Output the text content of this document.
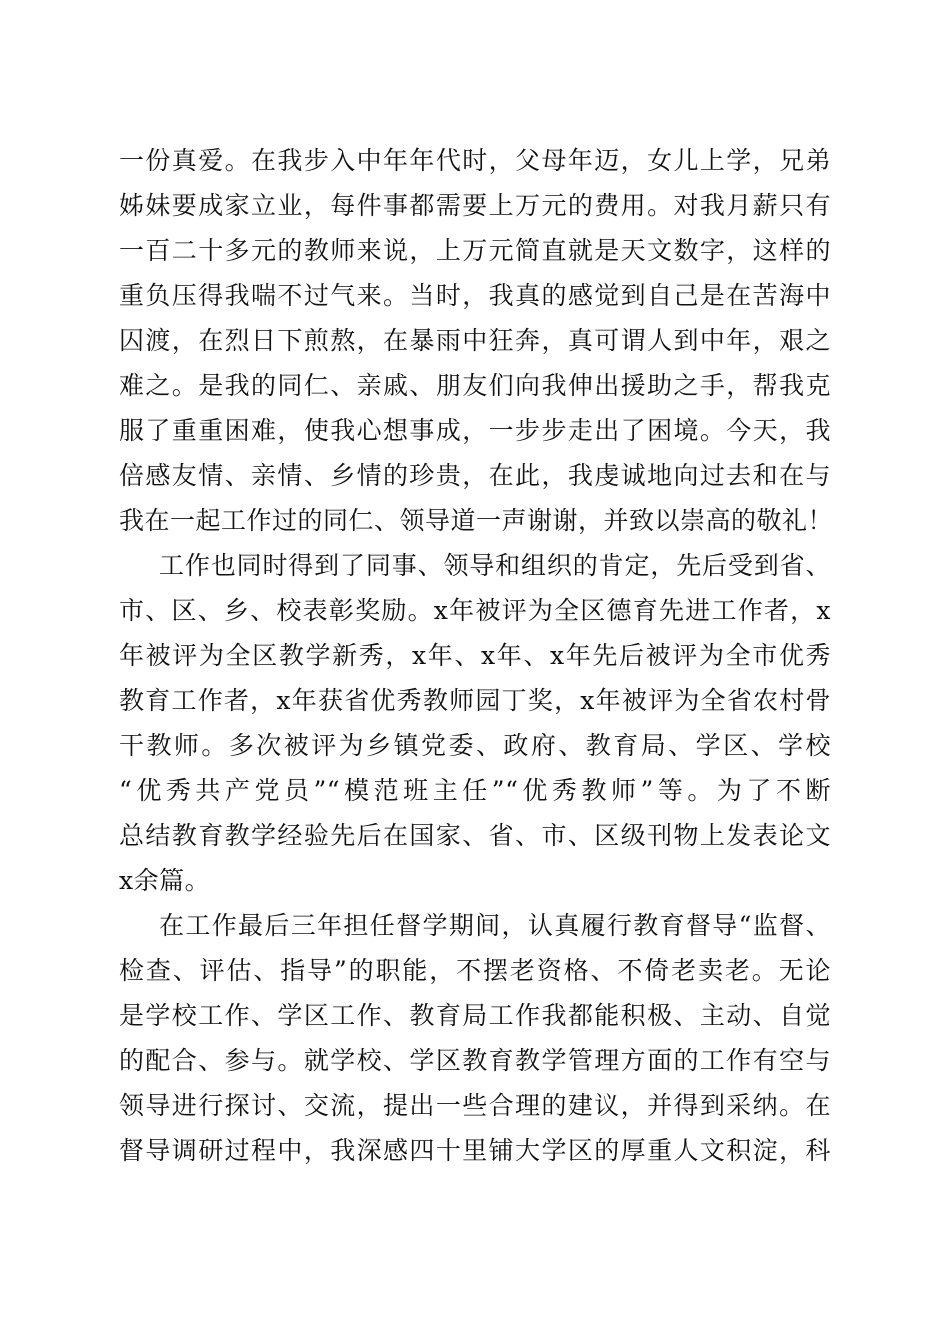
一份真爱。在我步入中年年代时，父母年迈，女儿上学，兄弟
姊妹要成家立业，每件事都需要上万元的费用。对我月薪只有
一百二十多元的教师来说，上万元简直就是天文数字，这样的
重负压得我喘不过气来。当时，我真的感觉到自己是在苦海中
囚渡，在烈日下煎熬，在暴雨中狂奔，真可谓人到中年，艰之
难之。是我的同仁、亲戚、朋友们向我伸出援助之手，帮我克
服了重重困难，使我心想事成，一步步走出了困境。今天，我
倍感友情、亲情、乡情的珍贵，在此，我虔诚地向过去和在与
我在一起工作过的同仁、领导道一声谢谢，并致以崇高的敬礼！
工作也同时得到了同事、领导和组织的肯定，先后受到省、
市、区、乡、校表彰奖励。x年被评为全区德育先进工作者，x
年被评为全区教学新秀，x年、x年、x年先后被评为全市优秀
教育工作者，x年获省优秀教师园丁奖，x年被评为全省农村骨
干教师。多次被评为乡镇党委、政府、教育局、学区、学校
“优秀共产党员”“模范班主任”“优秀教师”等。为了不断
总结教育教学经验先后在国家、省、市、区级刊物上发表论文
x余篇。
在工作最后三年担任督学期间，认真履行教育督导“监督、
检查、评估、指导”的职能，不摆老资格、不倚老卖老。无论
是学校工作、学区工作、教育局工作我都能积极、主动、自觉
的配合、参与。就学校、学区教育教学管理方面的工作有空与
领导进行探讨、交流，提出一些合理的建议，并得到采纳。在
督导调研过程中，我深感四十里铺大学区的厚重人文积淀，科
